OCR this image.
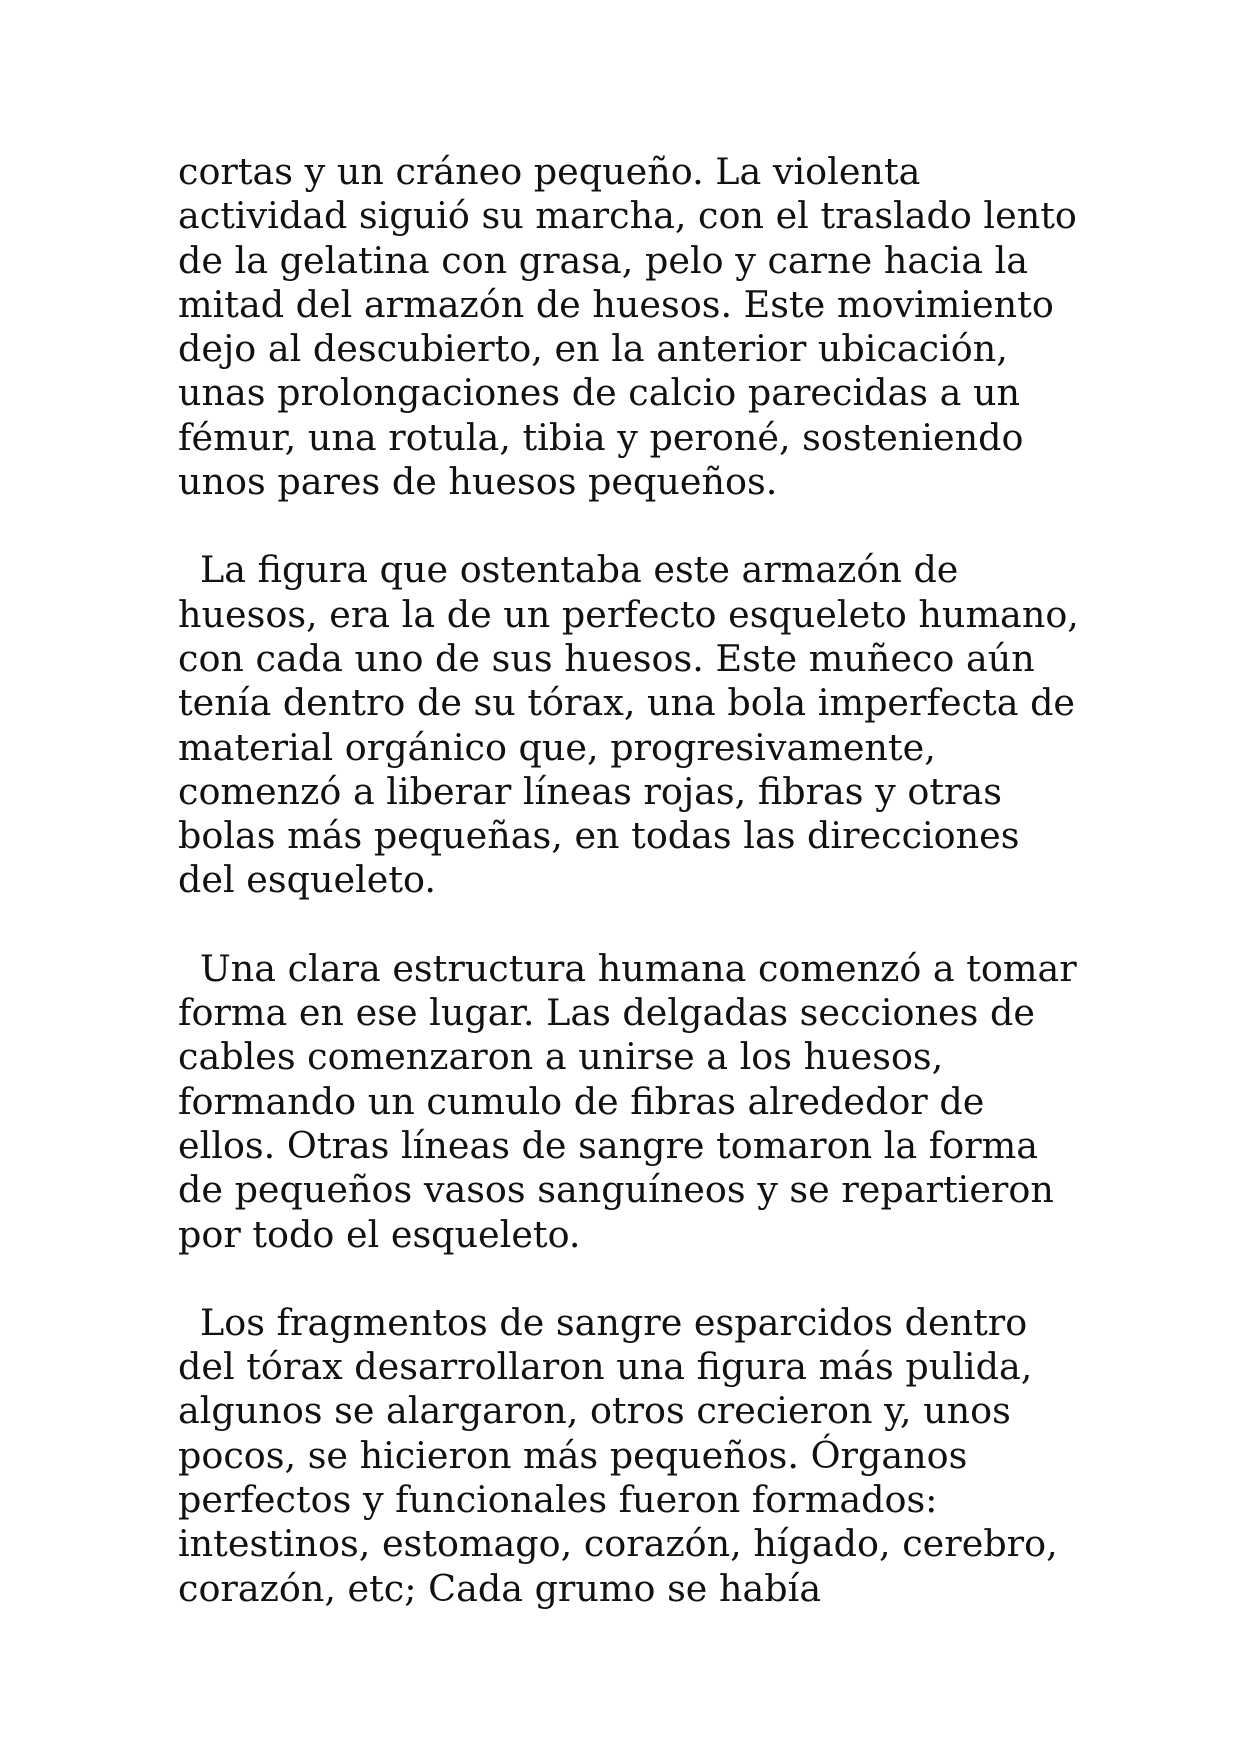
cortas y un cráneo pequeño. La violenta
actividad siguió su marcha, con el traslado lento
de la gelatina con grasa, pelo y carne hacia la
mitad del armazón de huesos. Este movimiento
dejo al descubierto, en la anterior ubicación,
unas prolongaciones de calcio parecidas a un
fémur, una rotula, tibia y peroné, sosteniendo
unos pares de huesos pequeños.

La figura que ostentaba este armazón de
huesos, era la de un perfecto esqueleto humano,
con cada uno de sus huesos. Este muñeco aún
tenía dentro de su tórax, una bola imperfecta de
material orgánico que, progresivamente,
comenzó a liberar líneas rojas, fibras y otras
bolas más pequeñas, en todas las direcciones
del esqueleto.

Una clara estructura humana comenzó a tomar
forma en ese lugar. Las delgadas secciones de
cables comenzaron a unirse a los huesos,
formando un cumulo de fibras alrededor de
ellos. Otras líneas de sangre tomaron la forma
de pequeños vasos sanguíneos y se repartieron
por todo el esqueleto.

Los fragmentos de sangre esparcidos dentro
del tórax desarrollaron una figura más pulida,
algunos se alargaron, otros crecieron y, unos
pocos, se hicieron más pequeños. Órganos
perfectos y funcionales fueron formados:
intestinos, estomago, corazón, hígado, cerebro,
corazón, etc; Cada grumo se había
